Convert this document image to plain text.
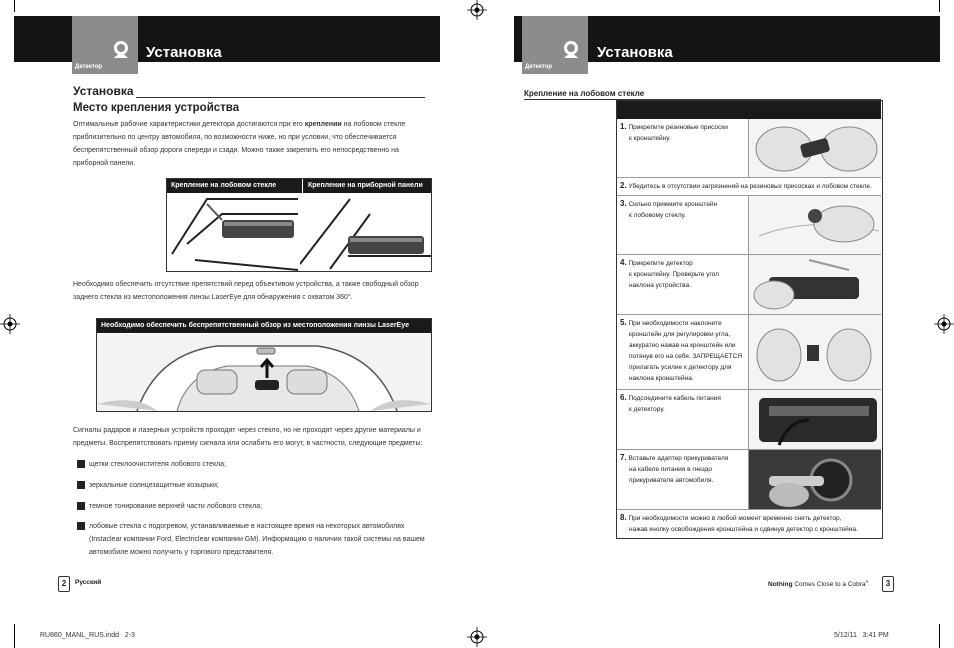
Установка
Детектор
Установка
Место крепления устройства
Оптимальные рабочие характеристики детектора достигаются при его креплении на лобовом стекле
приблизительно по центру автомобиля, по возможности ниже, но при условии, что обеспечивается
беспрепятственный обзор дороги спереди и сзади. Можно также закрепить его непосредственно на
приборной панели.
Крепление на лобовом стекле	Крепление на приборной панели
Необходимо обеспечить отсутствие препятствий перед объективом устройства, а также свободный обзор
заднего стекла из местоположения линзы LaserEye для обнаружения с охватом 360°.
Необходимо обеспечить беспрепятственный обзор из местоположения линзы LaserEye
Сигналы радаров и лазерных устройств проходят через стекло, но не проходят через другие материалы и
предметы. Воспрепятствовать приему сигнала или ослабить его могут, в частности, следующие предметы:
щетки стеклоочистителя лобового стекла;
зеркальные солнцезащитные козырьки;
темное тонирование верхней части лобового стекла;
лобовые стекла с подогревом, устанавливаемые в настоящее время на некоторых автомобилях
(Instaclear компании Ford, Electriclear компании GM). Информацию о наличии такой системы на вашем
автомобиле можно получить у торгового представителя.
2	Русский
Установка
Детектор
Крепление на лобовом стекле
1. Прикрепите резиновые присоски
к кронштейну.
2. Убедитесь в отсутствии загрязнений на резиновых присосках и лобовом стекле.
3. Сильно прижмите кронштейн
к лобовому стеклу.
4. Прикрепите детектор
к кронштейну. Проверьте угол
наклона устройства.
5. При необходимости наклоните
кронштейн для регулировки угла,
аккуратно нажав на кронштейн или
потянув его на себя. ЗАПРЕЩАЕТСЯ
прилагать усилие к детектору для
наклона кронштейна.
6. Подсоедините кабель питания
к детектору.
7. Вставьте адаптер прикуривателя
на кабеле питания в гнездо
прикуривателя автомобиля.
8. При необходимости можно в любой момент временно снять детектор,
нажав кнопку освобождения кронштейна и сдвинув детектор с кронштейна.
Nothing Comes Close to a Cobra®	3
RU860_MANL_RUS.indd   2-3	5/12/11   3:41 PM
